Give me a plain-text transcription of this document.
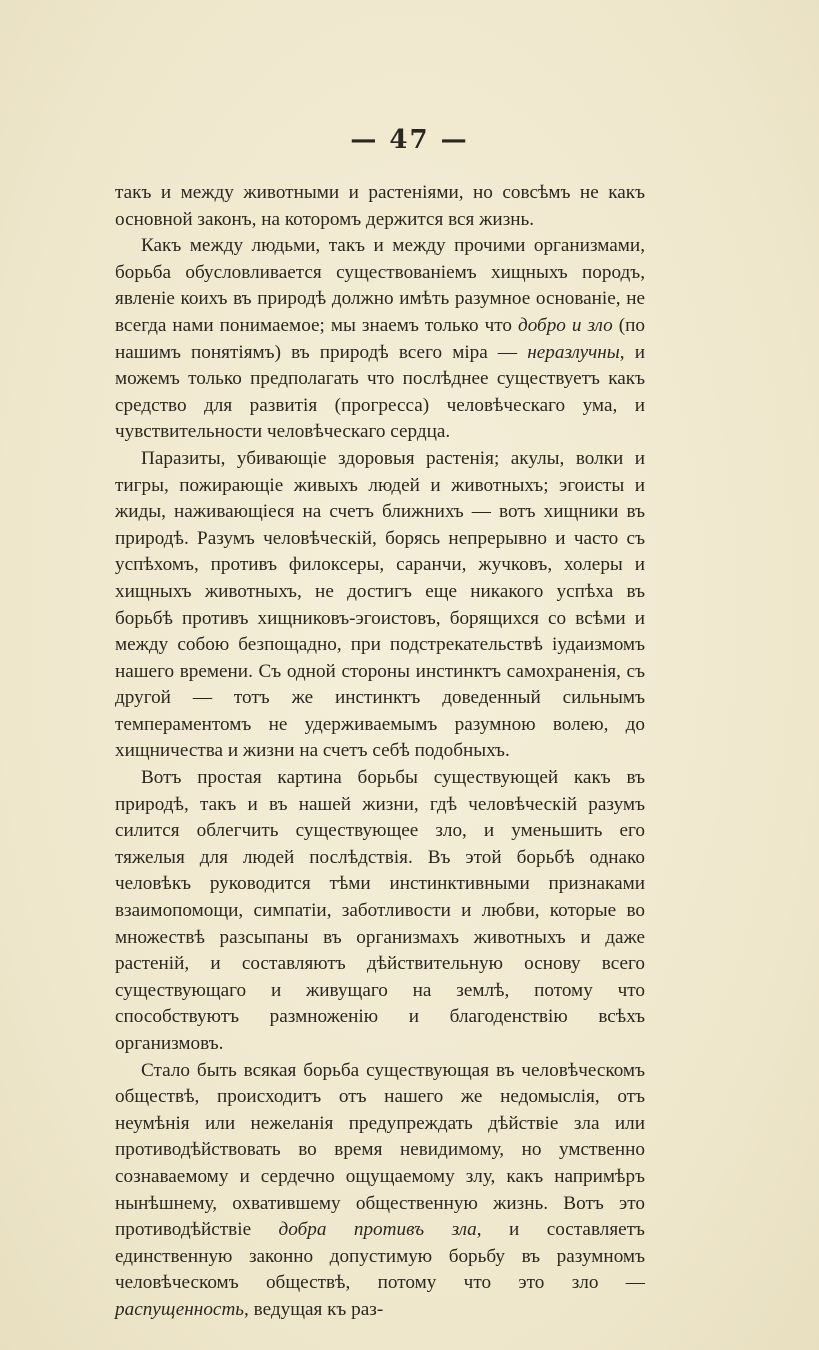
— 47 —

такъ и между животными и растеніями, но совсѣмъ не какъ основной законъ, на которомъ держится вся жизнь.

Какъ между людьми, такъ и между прочими организмами, борьба обусловливается существованіемъ хищныхъ породъ, явленіе коихъ въ природѣ должно имѣть разумное основаніе, не всегда нами понимаемое; мы знаемъ только что добро и зло (по нашимъ понятіямъ) въ природѣ всего міра — неразлучны, и можемъ только предполагать что послѣднее существуетъ какъ средство для развитія (прогресса) человѣческаго ума, и чувствительности человѣческаго сердца.

Паразиты, убивающіе здоровыя растенія; акулы, волки и тигры, пожирающіе живыхъ людей и животныхъ; эгоисты и жиды, наживающіеся на счетъ ближнихъ — вотъ хищники въ природѣ. Разумъ человѣческій, борясь непрерывно и часто съ успѣхомъ, противъ филоксеры, саранчи, жучковъ, холеры и хищныхъ животныхъ, не достигъ еще никакого успѣха въ борьбѣ противъ хищниковъ-эгоистовъ, борящихся со всѣми и между собою безпощадно, при подстрекательствѣ іудаизмомъ нашего времени. Съ одной стороны инстинктъ самохраненія, съ другой — тотъ же инстинктъ доведенный сильнымъ темпераментомъ не удерживаемымъ разумною волею, до хищничества и жизни на счетъ себѣ подобныхъ.

Вотъ простая картина борьбы существующей какъ въ природѣ, такъ и въ нашей жизни, гдѣ человѣческій разумъ силится облегчить существующее зло, и уменьшить его тяжелыя для людей послѣдствія. Въ этой борьбѣ однако человѣкъ руководится тѣми инстинктивными признаками взаимопомощи, симпатіи, заботливости и любви, которые во множествѣ разсыпаны въ организмахъ животныхъ и даже растеній, и составляютъ дѣйствительную основу всего существующаго и живущаго на землѣ, потому что способствуютъ размноженію и благоденствію всѣхъ организмовъ.

Стало быть всякая борьба существующая въ человѣческомъ обществѣ, происходитъ отъ нашего же недомыслія, отъ неумѣнія или нежеланія предупреждать дѣйствіе зла или противодѣйствовать во время невидимому, но умственно сознаваемому и сердечно ощущаемому злу, какъ напримѣръ нынѣшнему, охватившему общественную жизнь. Вотъ это противодѣйствіе добра противъ зла, и составляетъ единственную законно допустимую борьбу въ разумномъ человѣческомъ обществѣ, потому что это зло — распущенность, ведущая къ раз-
